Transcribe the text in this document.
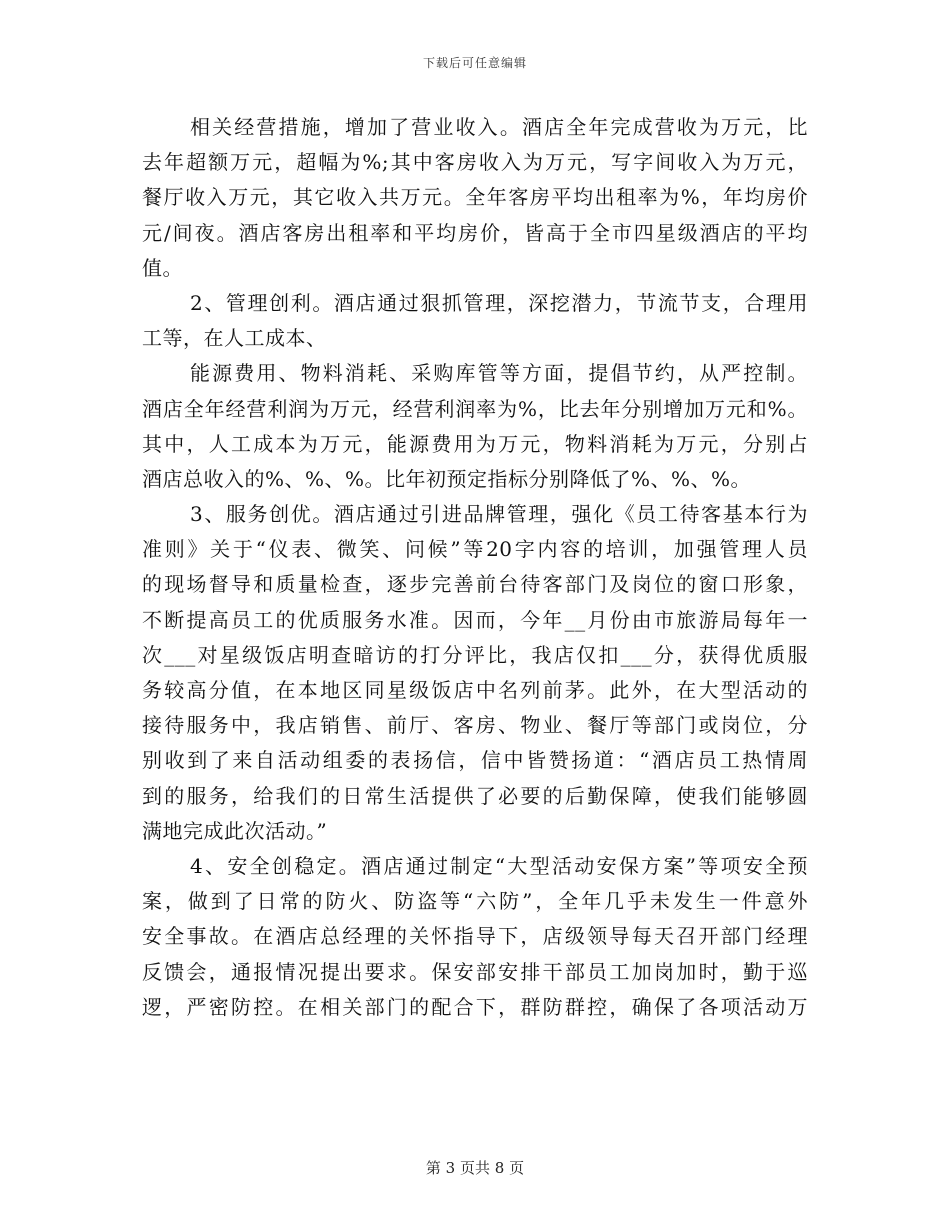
下载后可任意编辑
相关经营措施，增加了营业收入。酒店全年完成营收为万元，比
去年超额万元，超幅为%;其中客房收入为万元，写字间收入为万元，
餐厅收入万元，其它收入共万元。全年客房平均出租率为%，年均房价
元/间夜。酒店客房出租率和平均房价，皆高于全市四星级酒店的平均
值。
2、管理创利。酒店通过狠抓管理，深挖潜力，节流节支，合理用
工等，在人工成本、
能源费用、物料消耗、采购库管等方面，提倡节约，从严控制。
酒店全年经营利润为万元，经营利润率为%，比去年分别增加万元和%。
其中，人工成本为万元，能源费用为万元，物料消耗为万元，分别占
酒店总收入的%、%、%。比年初预定指标分别降低了%、%、%。
3、服务创优。酒店通过引进品牌管理，强化《员工待客基本行为
准则》关于“仪表、微笑、问候”等20字内容的培训，加强管理人员
的现场督导和质量检查，逐步完善前台待客部门及岗位的窗口形象，
不断提高员工的优质服务水准。因而，今年__月份由市旅游局每年一
次___对星级饭店明查暗访的打分评比，我店仅扣___分，获得优质服
务较高分值，在本地区同星级饭店中名列前茅。此外，在大型活动的
接待服务中，我店销售、前厅、客房、物业、餐厅等部门或岗位，分
别收到了来自活动组委的表扬信，信中皆赞扬道：“酒店员工热情周
到的服务，给我们的日常生活提供了必要的后勤保障，使我们能够圆
满地完成此次活动。”
4、安全创稳定。酒店通过制定“大型活动安保方案”等项安全预
案，做到了日常的防火、防盗等“六防”，全年几乎未发生一件意外
安全事故。在酒店总经理的关怀指导下，店级领导每天召开部门经理
反馈会，通报情况提出要求。保安部安排干部员工加岗加时，勤于巡
逻，严密防控。在相关部门的配合下，群防群控，确保了各项活动万
第 3 页共 8 页
